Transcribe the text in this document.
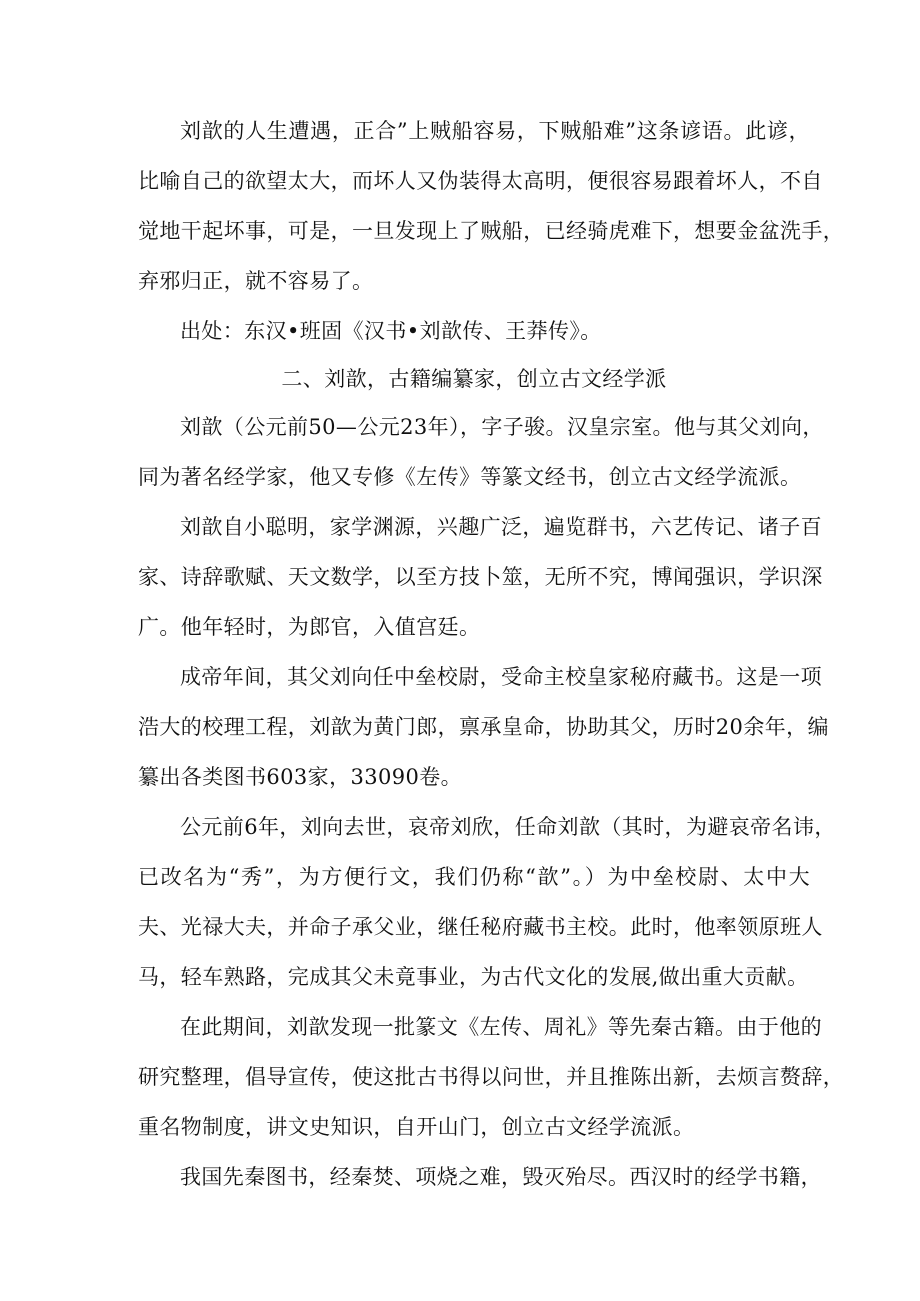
刘歆的人生遭遇，正合”上贼船容易，下贼船难”这条谚语。此谚，
比喻自己的欲望太大，而坏人又伪装得太高明，便很容易跟着坏人，不自
觉地干起坏事，可是，一旦发现上了贼船，已经骑虎难下，想要金盆洗手，
弃邪归正，就不容易了。
出处：东汉•班固《汉书•刘歆传、王莽传》。
二、刘歆，古籍编纂家，创立古文经学派
刘歆（公元前50—公元23年），字子骏。汉皇宗室。他与其父刘向，
同为著名经学家，他又专修《左传》等篆文经书，创立古文经学流派。
刘歆自小聪明，家学渊源，兴趣广泛，遍览群书，六艺传记、诸子百
家、诗辞歌赋、天文数学，以至方技卜筮，无所不究，博闻强识，学识深
广。他年轻时，为郎官，入值宫廷。
成帝年间，其父刘向任中垒校尉，受命主校皇家秘府藏书。这是一项
浩大的校理工程，刘歆为黄门郎，禀承皇命，协助其父，历时20余年，编
纂出各类图书603家，33090卷。
公元前6年，刘向去世，哀帝刘欣，任命刘歆（其时，为避哀帝名讳，
已改名为“秀”，为方便行文，我们仍称“歆”。）为中垒校尉、太中大
夫、光禄大夫，并命子承父业，继任秘府藏书主校。此时，他率领原班人
马，轻车熟路，完成其父未竟事业，为古代文化的发展,做出重大贡献。
在此期间，刘歆发现一批篆文《左传、周礼》等先秦古籍。由于他的
研究整理，倡导宣传，使这批古书得以问世，并且推陈出新，去烦言赘辞，
重名物制度，讲文史知识，自开山门，创立古文经学流派。
我国先秦图书，经秦焚、项烧之难，毁灭殆尽。西汉时的经学书籍，
